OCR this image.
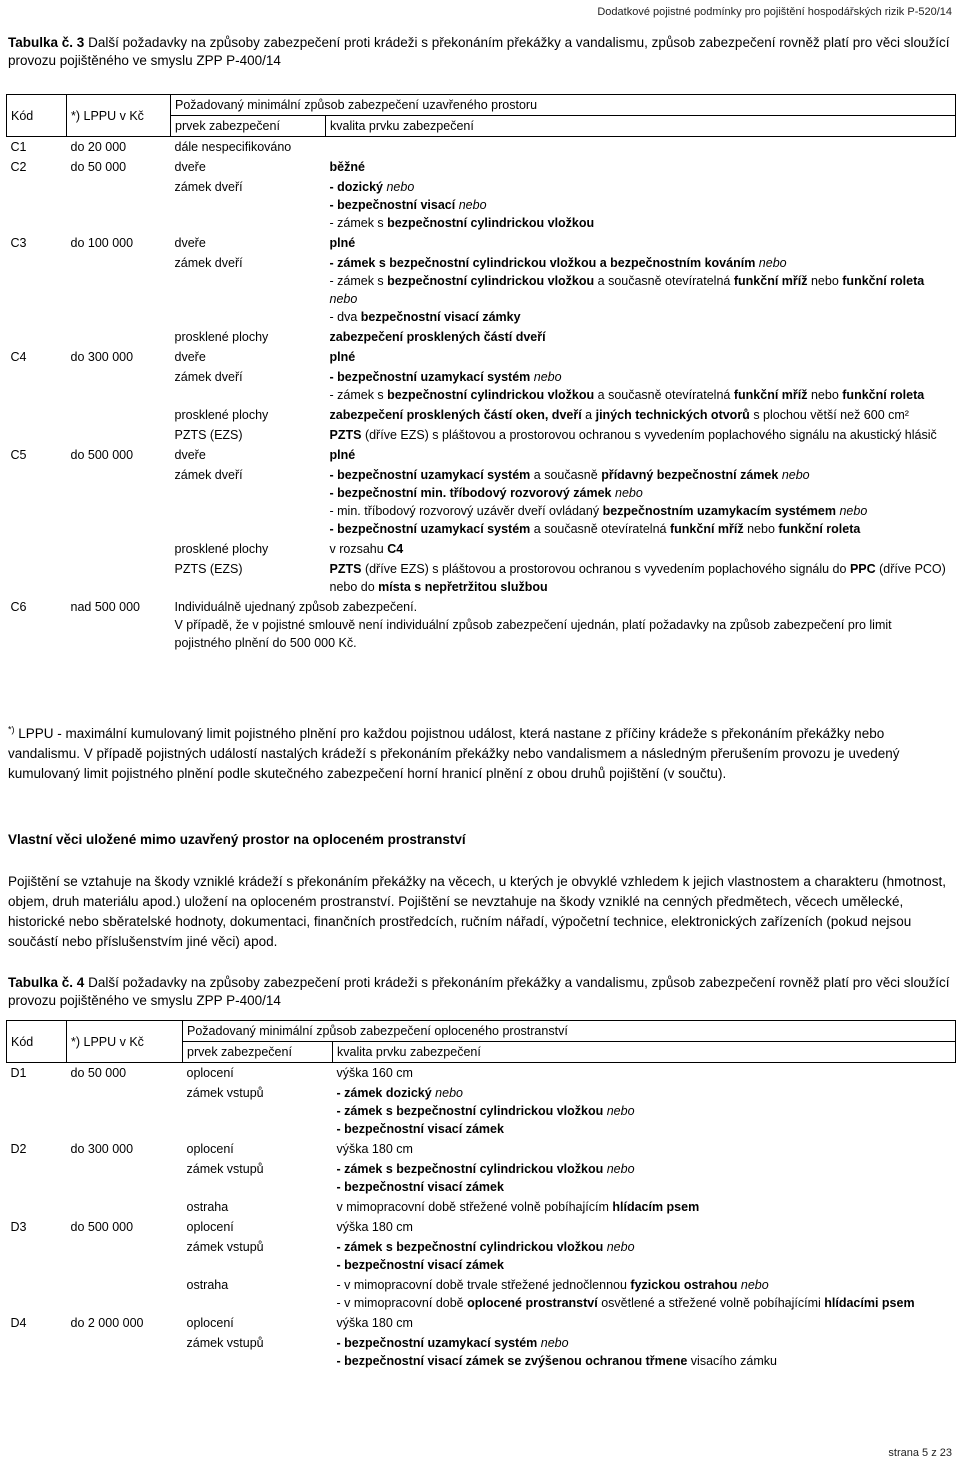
Dodatkové pojistné podmínky pro pojištění hospodářských rizik P-520/14
Tabulka č. 3 Další požadavky na způsoby zabezpečení proti krádeži s překonáním překážky a vandalismu, způsob zabezpečení rovněž platí pro věci sloužící provozu pojištěného ve smyslu ZPP P-400/14
Kód	*) LPPU v Kč	Požadovaný minimální způsob zabezpečení uzavřeného prostoru	
		prvek zabezpečení	kvalita prvku zabezpečení
C1	do 20 000	dále nespecifikováno	
C2	do 50 000	dveře	běžné
		zámek dveří	- dozický nebo
- bezpečnostní visací nebo
- zámek s bezpečnostní cylindrickou vložkou

C3	do 100 000	dveře	plné
		zámek dveří	- zámek s bezpečnostní cylindrickou vložkou a bezpečnostním kováním nebo
- zámek s bezpečnostní cylindrickou vložkou a současně otevíratelná funkční mříž nebo funkční roleta nebo
- dva bezpečnostní visací zámky

		prosklené plochy	zabezpečení prosklených částí dveří
C4	do 300 000	dveře	plné
		zámek dveří	- bezpečnostní uzamykací systém nebo
- zámek s bezpečnostní cylindrickou vložkou a současně otevíratelná funkční mříž nebo funkční roleta

		prosklené plochy	zabezpečení prosklených částí oken, dveří a jiných technických otvorů s plochou větší než 600 cm²
		PZTS (EZS)	PZTS (dříve EZS) s pláštovou a prostorovou ochranou s vyvedením poplachového signálu na akustický hlásič
C5	do 500 000	dveře	plné
		zámek dveří	- bezpečnostní uzamykací systém a současně přídavný bezpečnostní zámek nebo
- bezpečnostní min. tříbodový rozvorový zámek nebo
- min. tříbodový rozvorový uzávěr dveří ovládaný bezpečnostním uzamykacím systémem nebo
- bezpečnostní uzamykací systém a současně otevíratelná funkční mříž nebo funkční roleta

		prosklené plochy	v rozsahu C4
		PZTS (EZS)	PZTS (dříve EZS) s pláštovou a prostorovou ochranou s vyvedením poplachového signálu do PPC (dříve PCO) nebo do místa s nepřetržitou službou
C6	nad 500 000	Individuálně ujednaný způsob zabezpečení.
V případě, že v pojistné smlouvě není individuální způsob zabezpečení ujednán, platí požadavky na způsob zabezpečení pro limit pojistného plnění do 500 000 Kč.	
*) LPPU - maximální kumulovaný limit pojistného plnění pro každou pojistnou událost, která nastane z příčiny krádeže s překonáním překážky nebo vandalismu. V případě pojistných událostí nastalých krádeží s překonáním překážky nebo vandalismem a následným přerušením provozu je uvedený kumulovaný limit pojistného plnění podle skutečného zabezpečení horní hranicí plnění z obou druhů pojištění (v součtu).
Vlastní věci uložené mimo uzavřený prostor na oploceném prostranství
Pojištění se vztahuje na škody vzniklé krádeží s překonáním překážky na věcech, u kterých je obvyklé vzhledem k jejich vlastnostem a charakteru (hmotnost, objem, druh materiálu apod.) uložení na oploceném prostranství. Pojištění se nevztahuje na škody vzniklé na cenných předmětech, věcech umělecké, historické nebo sběratelské hodnoty, dokumentaci, finančních prostředcích, ručním nářadí, výpočetní technice, elektronických zařízeních (pokud nejsou součástí nebo příslušenstvím jiné věci) apod.
Tabulka č. 4 Další požadavky na způsoby zabezpečení proti krádeži s překonáním překážky a vandalismu, způsob zabezpečení rovněž platí pro věci sloužící provozu pojištěného ve smyslu ZPP P-400/14
Kód	*) LPPU v Kč	Požadovaný minimální způsob zabezpečení oploceného prostranství	
		prvek zabezpečení	kvalita prvku zabezpečení
D1	do 50 000	oplocení	výška 160 cm
		zámek vstupů	- zámek dozický nebo
- zámek s bezpečnostní cylindrickou vložkou nebo
- bezpečnostní visací zámek

D2	do 300 000	oplocení	výška 180 cm
		zámek vstupů	- zámek s bezpečnostní cylindrickou vložkou nebo
- bezpečnostní visací zámek

		ostraha	v mimopracovní době střežené volně pobíhajícím hlídacím psem
D3	do 500 000	oplocení	výška 180 cm
		zámek vstupů	- zámek s bezpečnostní cylindrickou vložkou nebo
- bezpečnostní visací zámek

		ostraha	- v mimopracovní době trvale střežené jednočlennou fyzickou ostrahou nebo
- v mimopracovní době oplocené prostranství osvětlené a střežené volně pobíhajícími hlídacími psem

D4	do 2 000 000	oplocení	výška 180 cm
		zámek vstupů	- bezpečnostní uzamykací systém nebo
- bezpečnostní visací zámek se zvýšenou ochranou třmene visacího zámku
strana 5 z 23
